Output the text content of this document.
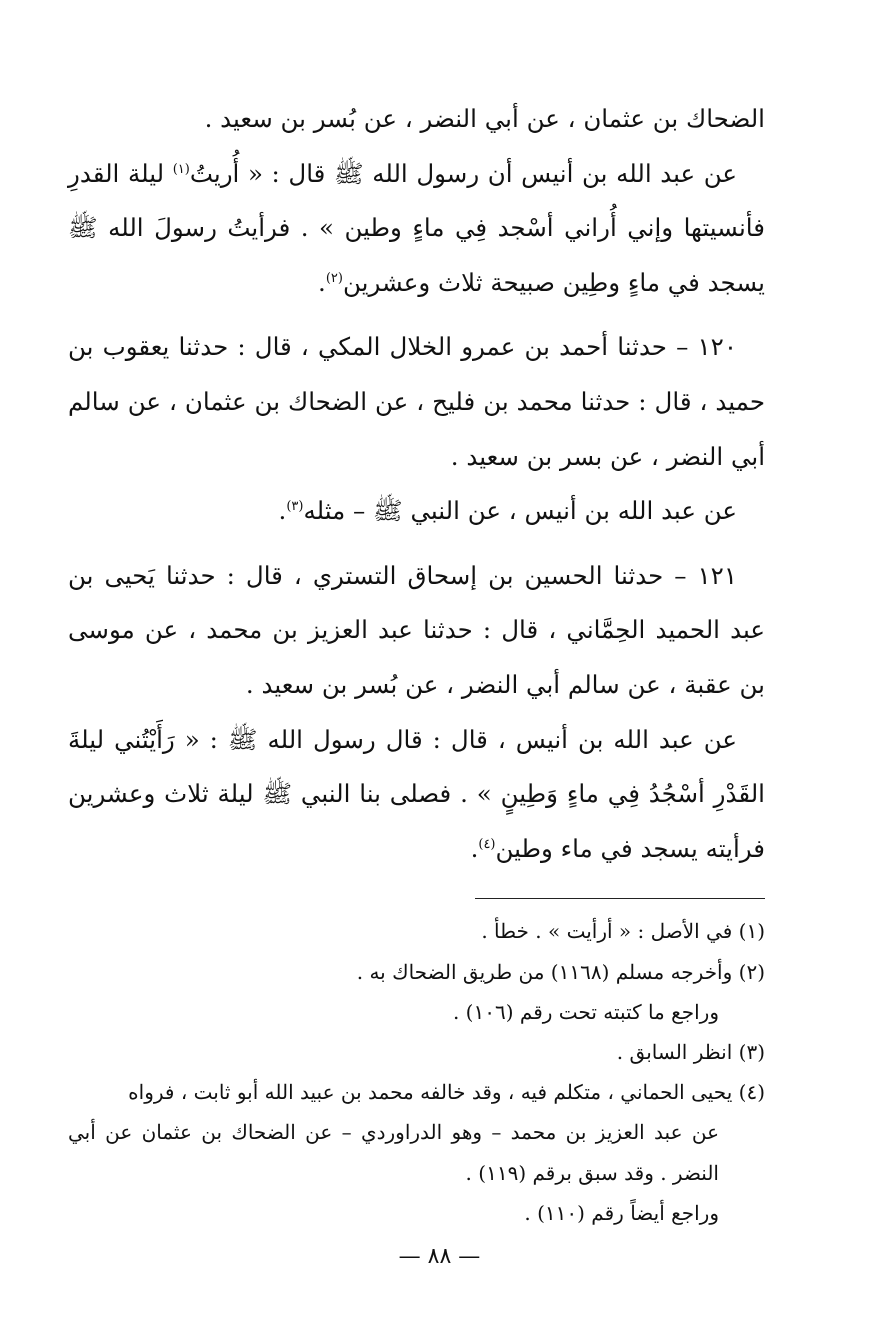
الضحاك بن عثمان ، عن أبي النضر ، عن بُسر بن سعيد .

عن عبد الله بن أنيس أن رسول الله ﷺ قال : « أُريتُ$^{(١)}$ ليلة القدرِ فأنسيتها وإني أُراني أسْجد فِي ماءٍ وطين » . فرأيتُ رسولَ الله ﷺ يسجد في ماءٍ وطِين صبيحة ثلاث وعشرين$^{(٢)}$.

١٢٠ – حدثنا أحمد بن عمرو الخلال المكي ، قال : حدثنا يعقوب بن حميد ، قال : حدثنا محمد بن فليح ، عن الضحاك بن عثمان ، عن سالم أبي النضر ، عن بسر بن سعيد .

عن عبد الله بن أنيس ، عن النبي ﷺ – مثله$^{(٣)}$.

١٢١ – حدثنا الحسين بن إسحاق التستري ، قال : حدثنا يَحيى بن عبد الحميد الحِمَّاني ، قال : حدثنا عبد العزيز بن محمد ، عن موسى بن عقبة ، عن سالم أبي النضر ، عن بُسر بن سعيد .

عن عبد الله بن أنيس ، قال : قال رسول الله ﷺ : « رَأَيْتُني ليلةَ القَدْرِ أسْجُدُ فِي ماءٍ وَطِينٍ » . فصلى بنا النبي ﷺ ليلة ثلاث وعشرين فرأيته يسجد في ماء وطين$^{(٤)}$.

(١) في الأصل : « أرأيت » . خطأ .

(٢) وأخرجه مسلم (١١٦٨) من طريق الضحاك به .

وراجع ما كتبته تحت رقم (١٠٦) .

(٣) انظر السابق .

(٤) يحيى الحماني ، متكلم فيه ، وقد خالفه محمد بن عبيد الله أبو ثابت ، فرواه

عن عبد العزيز بن محمد – وهو الدراوردي – عن الضحاك بن عثمان عن أبي النضر . وقد سبق برقم (١١٩) .

وراجع أيضاً رقم (١١٠) .

— ٨٨ —
